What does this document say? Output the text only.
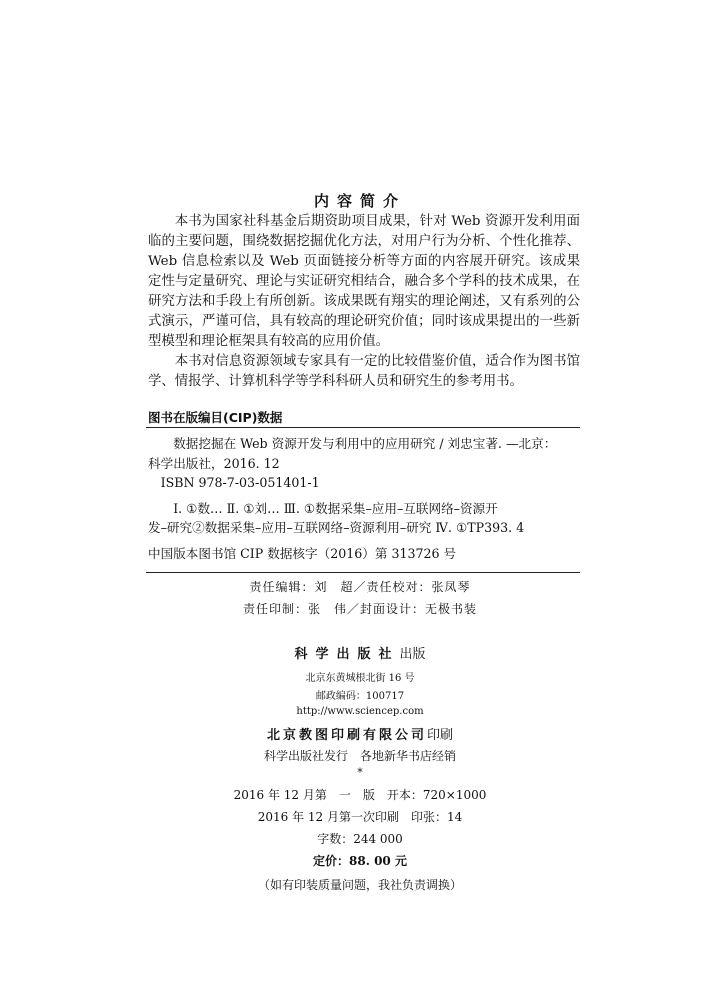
内容简介

本书为国家社科基金后期资助项目成果，针对 Web 资源开发利用面临的主要问题，围绕数据挖掘优化方法，对用户行为分析、个性化推荐、Web 信息检索以及 Web 页面链接分析等方面的内容展开研究。该成果定性与定量研究、理论与实证研究相结合，融合多个学科的技术成果，在研究方法和手段上有所创新。该成果既有翔实的理论阐述，又有系列的公式演示，严谨可信，具有较高的理论研究价值；同时该成果提出的一些新型模型和理论框架具有较高的应用价值。

本书对信息资源领域专家具有一定的比较借鉴价值，适合作为图书馆学、情报学、计算机科学等学科科研人员和研究生的参考用书。

图书在版编目(CIP)数据
数据挖掘在 Web 资源开发与利用中的应用研究 / 刘忠宝著. —北京：
科学出版社，2016. 12
ISBN 978-7-03-051401-1
Ⅰ. ①数… Ⅱ. ①刘… Ⅲ. ①数据采集–应用–互联网络–资源开
发–研究②数据采集–应用–互联网络–资源利用–研究 Ⅳ. ①TP393. 4
中国版本图书馆 CIP 数据核字（2016）第 313726 号
责任编辑：刘　超／责任校对：张凤琴
责任印制：张　伟／封面设计：无极书装
科学出版社出版
北京东黄城根北街 16 号
邮政编码：100717
http://www.sciencep.com
北京教图印刷有限公司印刷
科学出版社发行　各地新华书店经销
*
2016 年 12 月第　一　版　开本：720×1000
2016 年 12 月第一次印刷　印张：14
字数：244 000
定价：88. 00 元
（如有印装质量问题，我社负责调换）
